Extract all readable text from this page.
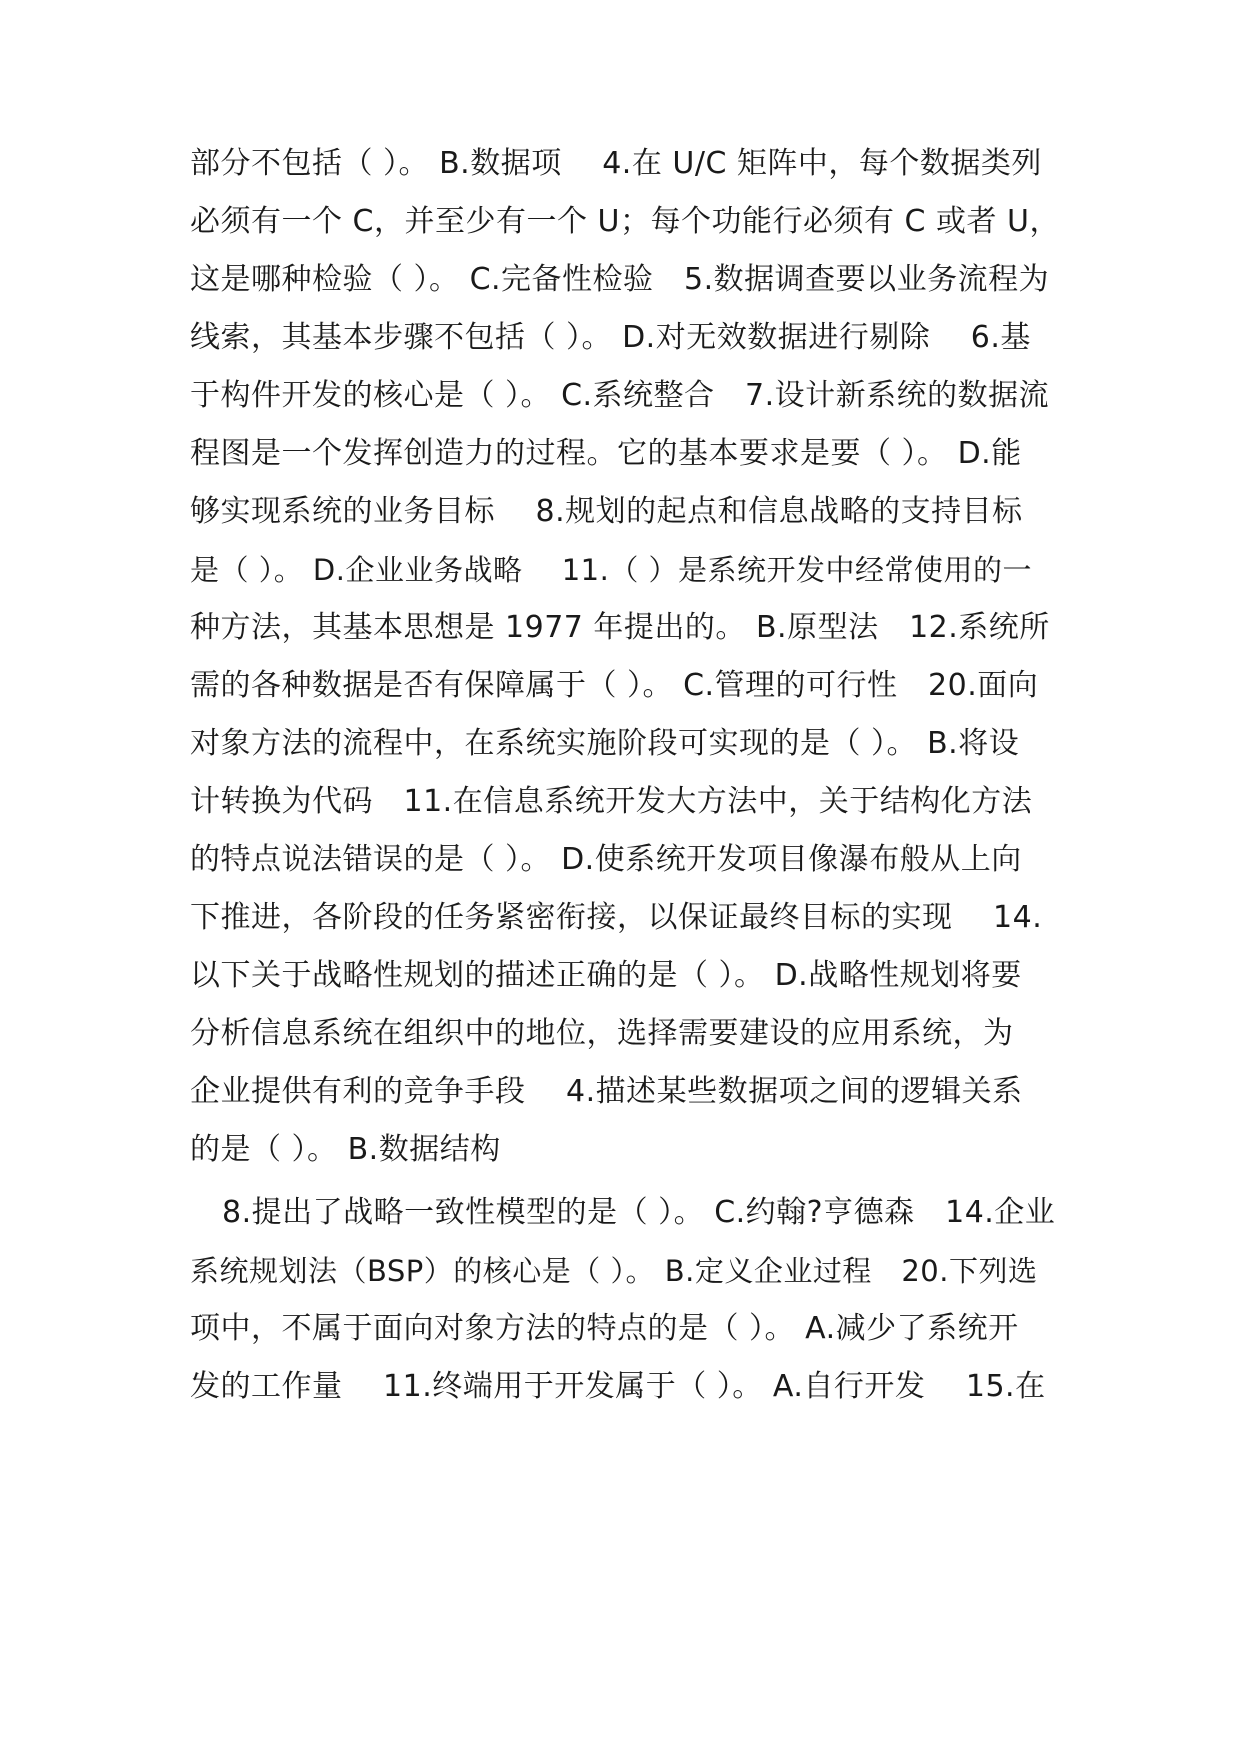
部分不包括（ ）。 B.数据项　 4.在 U/C 矩阵中，每个数据类列
必须有一个 C，并至少有一个 U；每个功能行必须有 C 或者 U，
这是哪种检验（ ）。 C.完备性检验　5.数据调查要以业务流程为
线索，其基本步骤不包括（ ）。 D.对无效数据进行剔除　 6.基
于构件开发的核心是（ ）。 C.系统整合　7.设计新系统的数据流
程图是一个发挥创造力的过程。它的基本要求是要（ ）。 D.能
够实现系统的业务目标　 8.规划的起点和信息战略的支持目标
是（ ）。 D.企业业务战略　 11.（ ）是系统开发中经常使用的一
种方法，其基本思想是 1977 年提出的。 B.原型法　12.系统所
需的各种数据是否有保障属于（ ）。 C.管理的可行性　20.面向
对象方法的流程中，在系统实施阶段可实现的是（ ）。 B.将设
计转换为代码　11.在信息系统开发大方法中，关于结构化方法
的特点说法错误的是（ ）。 D.使系统开发项目像瀑布般从上向
下推进，各阶段的任务紧密衔接，以保证最终目标的实现　 14.
以下关于战略性规划的描述正确的是（ ）。 D.战略性规划将要
分析信息系统在组织中的地位，选择需要建设的应用系统，为
企业提供有利的竞争手段　 4.描述某些数据项之间的逻辑关系
的是（ ）。 B.数据结构
8.提出了战略一致性模型的是（ ）。 C.约翰?亨德森　14.企业
系统规划法（BSP）的核心是（ ）。 B.定义企业过程　20.下列选
项中，不属于面向对象方法的特点的是（ ）。 A.减少了系统开
发的工作量　 11.终端用于开发属于（ ）。 A.自行开发　 15.在
